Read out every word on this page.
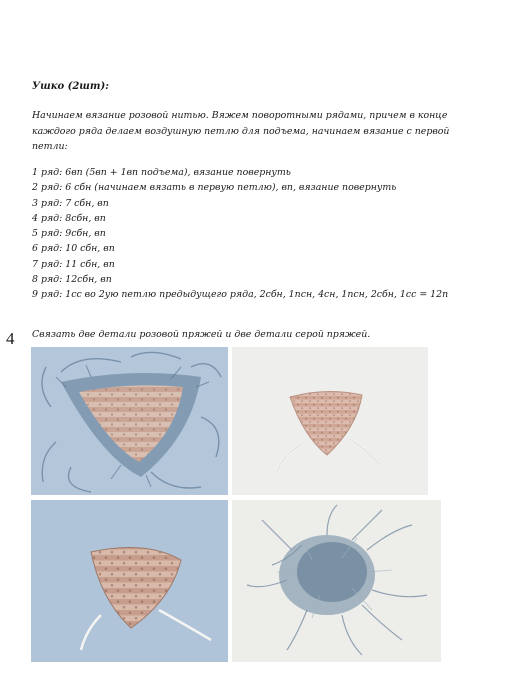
Ушко (2шт):

Начинаем вязание розовой нитью. Вяжем поворотными рядами, причем в конце каждого ряда делаем воздушную петлю для подъема, начинаем вязание с первой петли:

1 ряд: 6вп (5вп + 1вп подъема), вязание повернуть
2 ряд: 6 сбн (начинаем вязать в первую петлю), вп, вязание повернуть
3 ряд: 7 сбн, вп
4 ряд: 8сбн, вп
5 ряд: 9сбн, вп
6 ряд: 10 сбн, вп
7 ряд: 11 сбн, вп
8 ряд: 12сбн, вп
9 ряд: 1сс во 2ую петлю предыдущего ряда, 2сбн, 1псн, 4сн, 1псн, 2сбн, 1сс = 12п
4 Связать две детали розовой пряжей и две детали серой пряжей.
